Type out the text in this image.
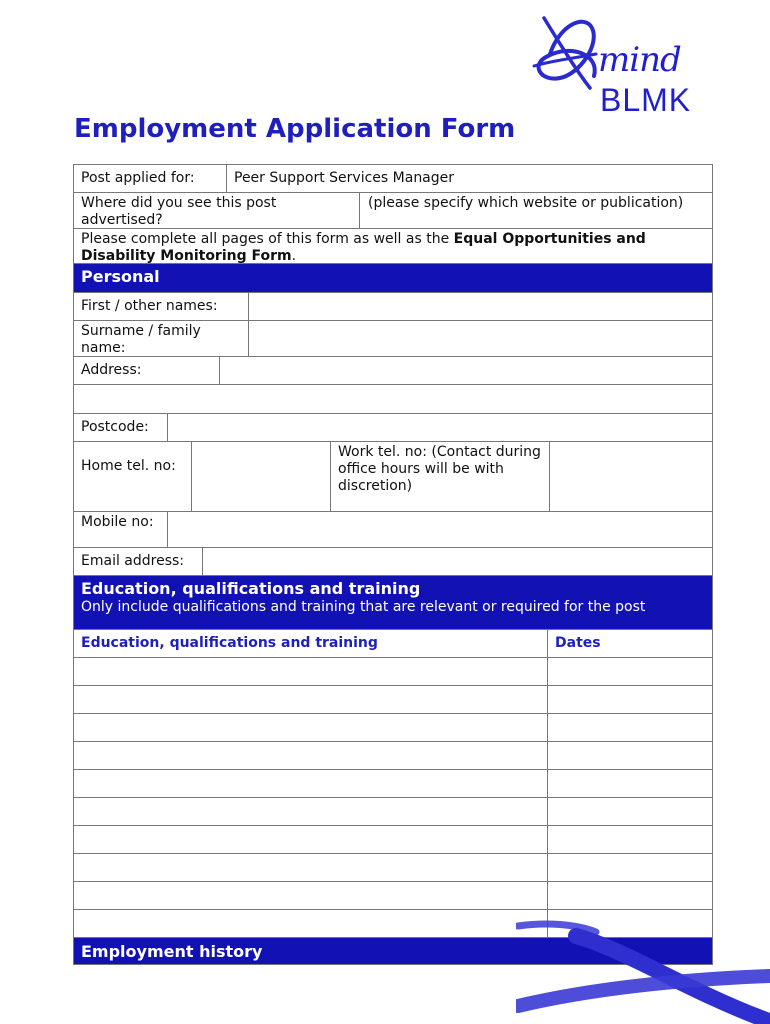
mind
BLMK
Employment Application Form
Post applied for:	Peer Support Services Manager
Where did you see this post advertised?
(please specify which website or publication)
Please complete all pages of this form as well as the Equal Opportunities and Disability Monitoring Form.
Personal
First / other names:
Surname / family name:
Address:
Postcode:
Home tel. no:
Work tel. no: (Contact during office hours will be with discretion)
Mobile no:
Email address:
Education, qualifications and training
Only include qualifications and training that are relevant or required for the post
Education, qualifications and training	Dates
Employment history
